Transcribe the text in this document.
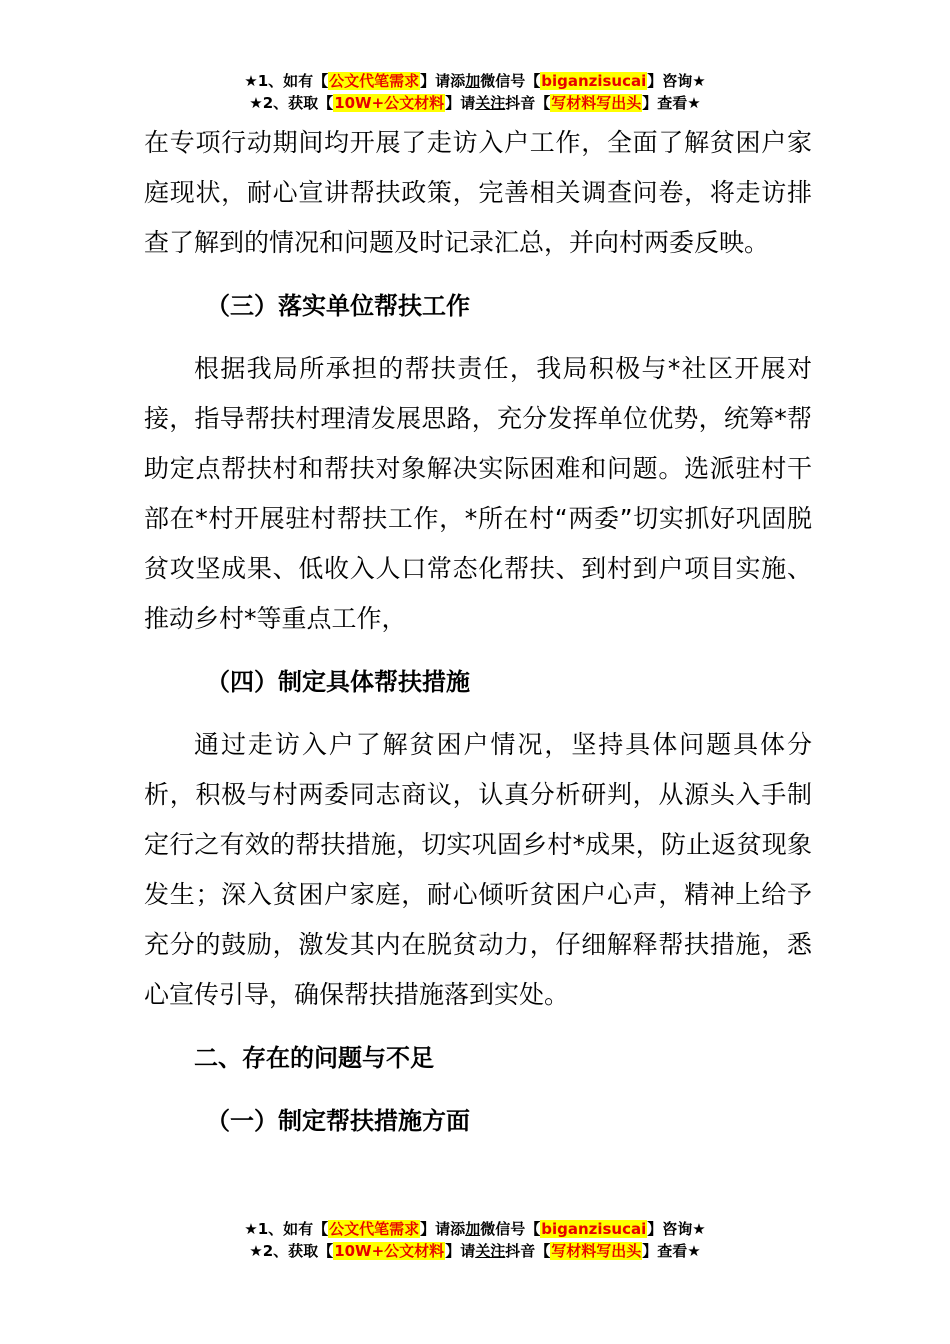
★1、如有【公文代笔需求】请添加微信号【biganzisucai】咨询★
★2、获取【10W+公文材料】请关注抖音【写材料写出头】查看★

在专项行动期间均开展了走访入户工作，全面了解贫困户家庭现状，耐心宣讲帮扶政策，完善相关调查问卷，将走访排查了解到的情况和问题及时记录汇总，并向村两委反映。

（三）落实单位帮扶工作

根据我局所承担的帮扶责任，我局积极与*社区开展对接，指导帮扶村理清发展思路，充分发挥单位优势，统筹*帮助定点帮扶村和帮扶对象解决实际困难和问题。选派驻村干部在*村开展驻村帮扶工作，*所在村“两委”切实抓好巩固脱贫攻坚成果、低收入人口常态化帮扶、到村到户项目实施、推动乡村*等重点工作，

（四）制定具体帮扶措施

通过走访入户了解贫困户情况，坚持具体问题具体分析，积极与村两委同志商议，认真分析研判，从源头入手制定行之有效的帮扶措施，切实巩固乡村*成果，防止返贫现象发生；深入贫困户家庭，耐心倾听贫困户心声，精神上给予充分的鼓励，激发其内在脱贫动力，仔细解释帮扶措施，悉心宣传引导，确保帮扶措施落到实处。

二、存在的问题与不足

（一）制定帮扶措施方面

★1、如有【公文代笔需求】请添加微信号【biganzisucai】咨询★
★2、获取【10W+公文材料】请关注抖音【写材料写出头】查看★
